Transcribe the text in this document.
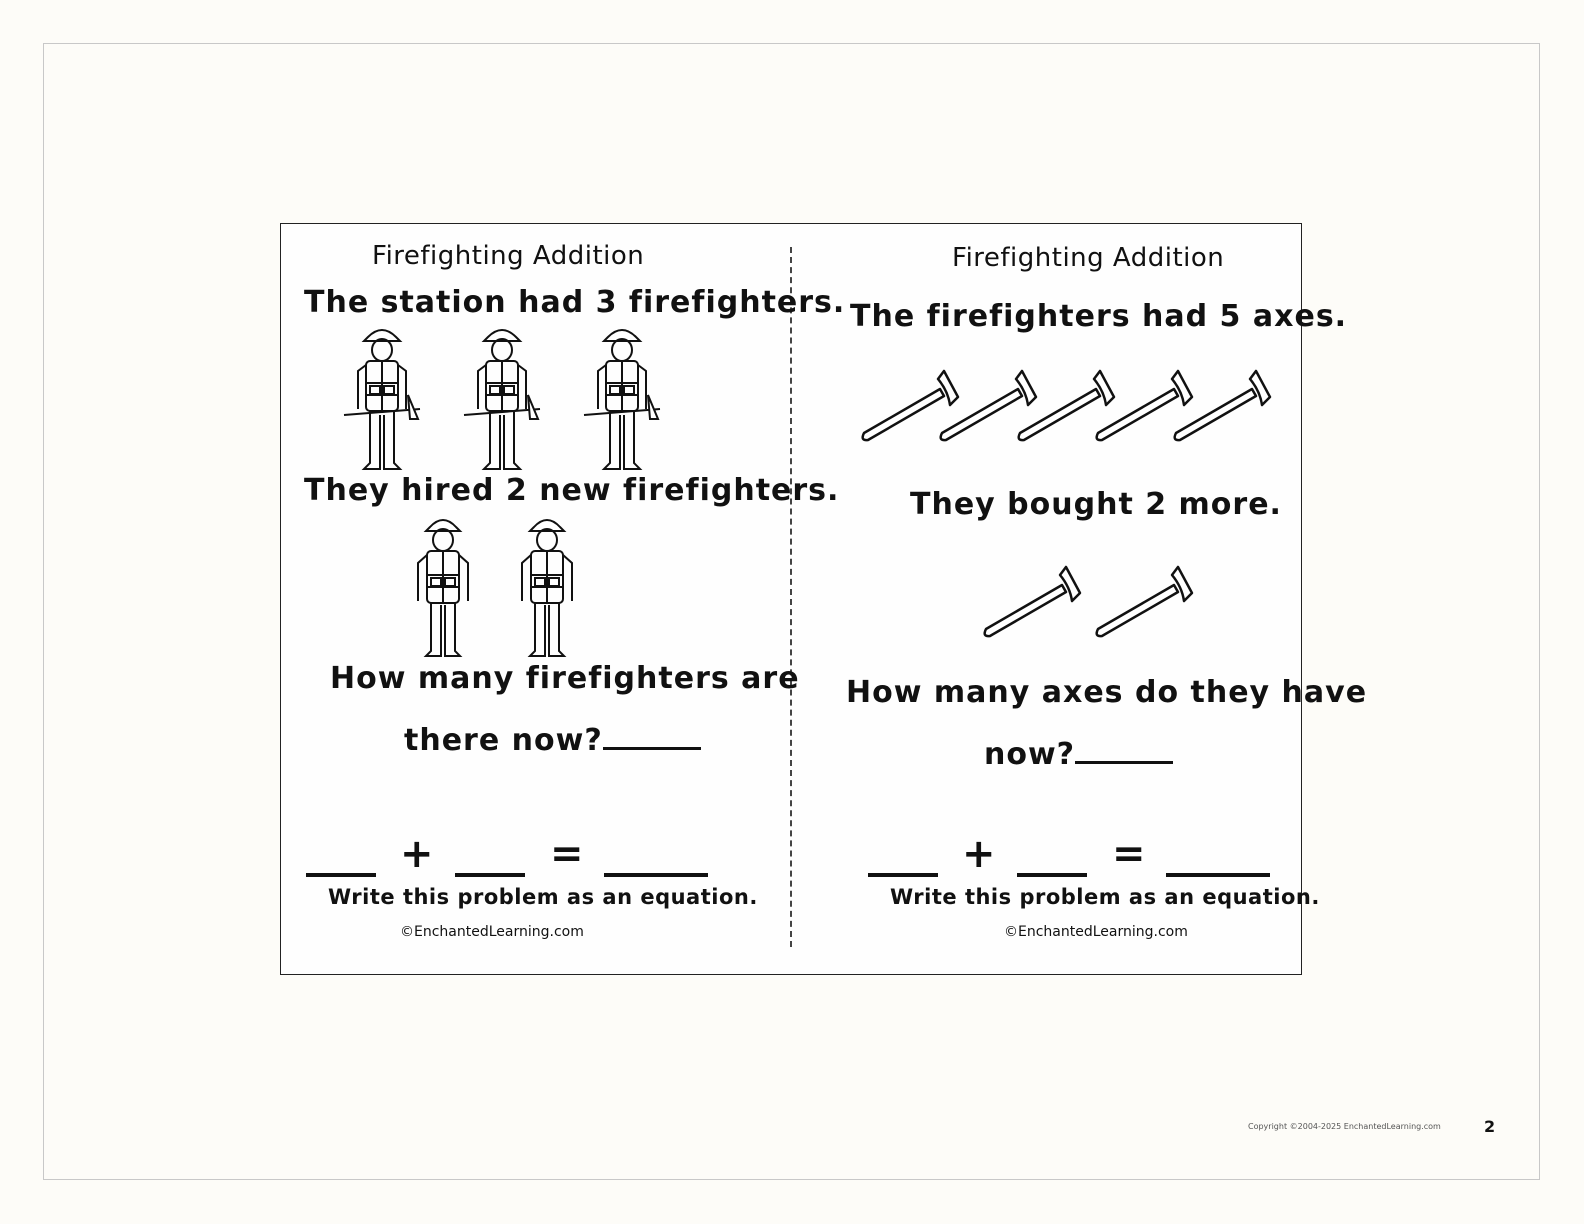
Firefighting Addition
The station had 3 firefighters.
They hired 2 new firefighters.
How many firefighters are
there now?
+	=
Write this problem as an equation.
©EnchantedLearning.com
Firefighting Addition
The firefighters had 5 axes.
They bought 2 more.
How many axes do they have
now?
+	=
Write this problem as an equation.
©EnchantedLearning.com
Copyright ©2004-2025 EnchantedLearning.com	2
